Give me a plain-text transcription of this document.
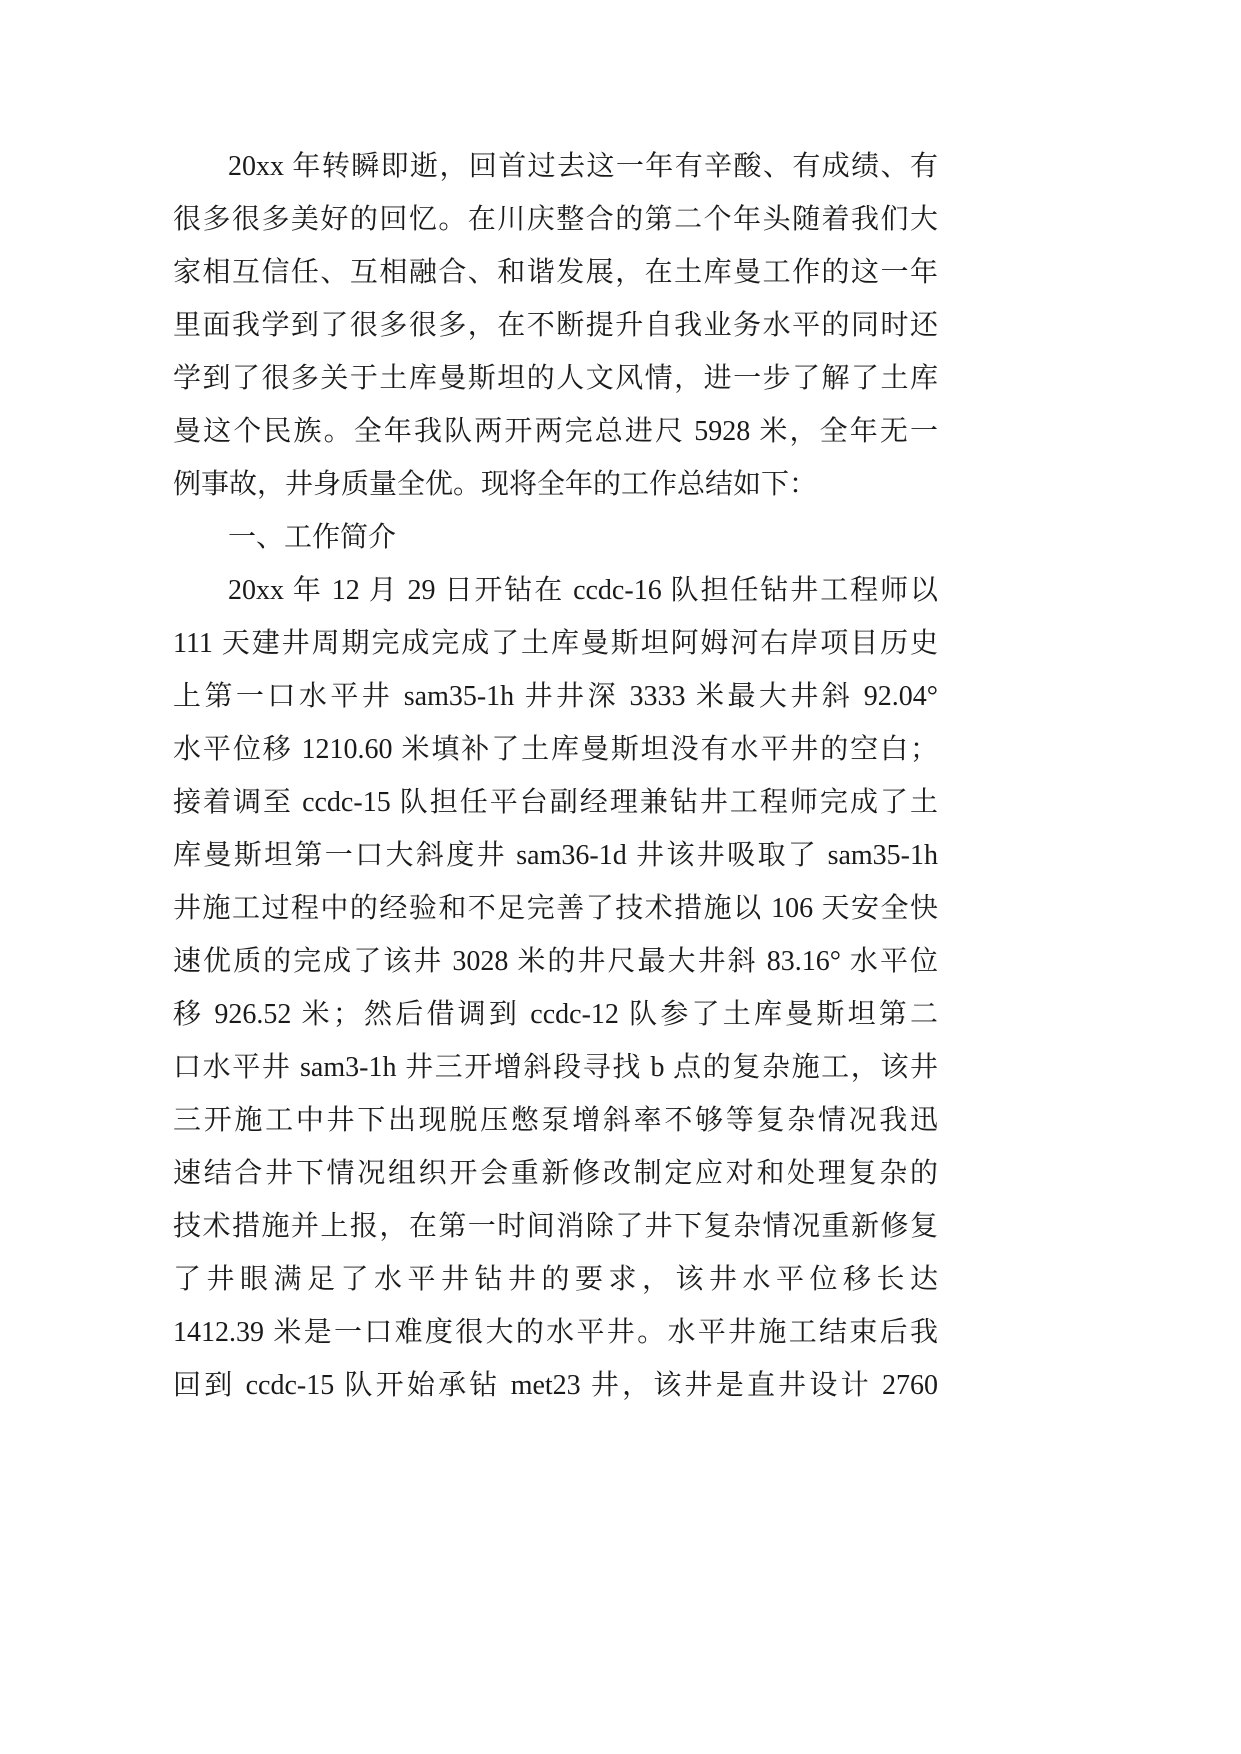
20xx 年转瞬即逝，回首过去这一年有辛酸、有成绩、有
很多很多美好的回忆。在川庆整合的第二个年头随着我们大
家相互信任、互相融合、和谐发展，在土库曼工作的这一年
里面我学到了很多很多，在不断提升自我业务水平的同时还
学到了很多关于土库曼斯坦的人文风情，进一步了解了土库
曼这个民族。全年我队两开两完总进尺 5928 米，全年无一
例事故，井身质量全优。现将全年的工作总结如下：
一、工作简介
20xx 年 12 月 29 日开钻在 ccdc-16 队担任钻井工程师以
111 天建井周期完成完成了土库曼斯坦阿姆河右岸项目历史
上第一口水平井 sam35-1h 井井深 3333 米最大井斜 92.04°
水平位移 1210.60 米填补了土库曼斯坦没有水平井的空白；
接着调至 ccdc-15 队担任平台副经理兼钻井工程师完成了土
库曼斯坦第一口大斜度井 sam36-1d 井该井吸取了 sam35-1h
井施工过程中的经验和不足完善了技术措施以 106 天安全快
速优质的完成了该井 3028 米的井尺最大井斜 83.16° 水平位
移 926.52 米；然后借调到 ccdc-12 队参了土库曼斯坦第二
口水平井 sam3-1h 井三开增斜段寻找 b 点的复杂施工，该井
三开施工中井下出现脱压憋泵增斜率不够等复杂情况我迅
速结合井下情况组织开会重新修改制定应对和处理复杂的
技术措施并上报，在第一时间消除了井下复杂情况重新修复
了井眼满足了水平井钻井的要求，该井水平位移长达
1412.39 米是一口难度很大的水平井。水平井施工结束后我
回到 ccdc-15 队开始承钻 met23 井，该井是直井设计 2760
